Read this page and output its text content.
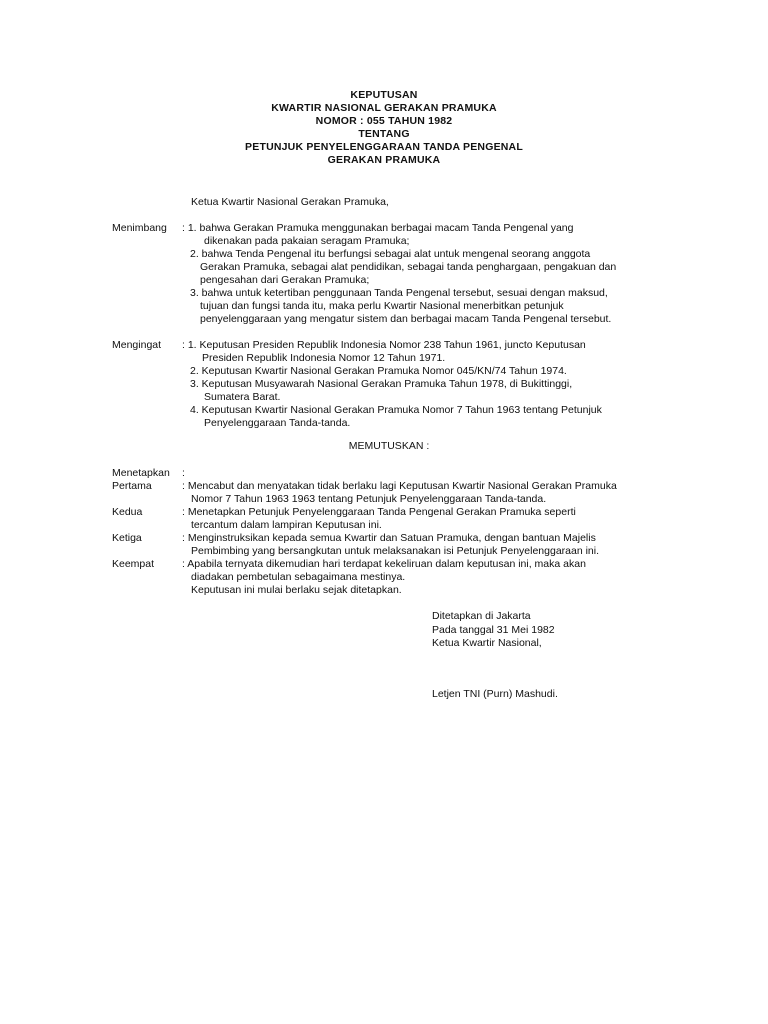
KEPUTUSAN
KWARTIR NASIONAL GERAKAN PRAMUKA
NOMOR : 055 TAHUN 1982
TENTANG
PETUNJUK PENYELENGGARAAN TANDA PENGENAL
GERAKAN PRAMUKA
Ketua Kwartir Nasional Gerakan Pramuka,
Menimbang : 1. bahwa Gerakan Pramuka menggunakan berbagai macam Tanda Pengenal yang
dikenakan pada pakaian seragam Pramuka;
2. bahwa Tenda Pengenal itu berfungsi sebagai alat untuk mengenal seorang anggota
Gerakan Pramuka, sebagai alat pendidikan, sebagai tanda penghargaan, pengakuan dan
pengesahan dari Gerakan Pramuka;
3. bahwa untuk ketertiban penggunaan Tanda Pengenal tersebut, sesuai dengan maksud,
tujuan dan fungsi tanda itu, maka perlu Kwartir Nasional menerbitkan petunjuk
penyelenggaraan yang mengatur sistem dan berbagai macam Tanda Pengenal tersebut.
Mengingat : 1. Keputusan Presiden Republik Indonesia Nomor 238 Tahun 1961, juncto Keputusan
Presiden Republik Indonesia Nomor 12 Tahun 1971.
2. Keputusan Kwartir Nasional Gerakan Pramuka Nomor 045/KN/74 Tahun 1974.
3. Keputusan Musyawarah Nasional Gerakan Pramuka Tahun 1978, di Bukittinggi,
Sumatera Barat.
4. Keputusan Kwartir Nasional Gerakan Pramuka Nomor 7 Tahun 1963 tentang Petunjuk
Penyelenggaraan Tanda-tanda.
MEMUTUSKAN :
Menetapkan :
Pertama	: Mencabut dan menyatakan tidak berlaku lagi Keputusan Kwartir Nasional Gerakan Pramuka
Nomor 7 Tahun 1963 1963 tentang Petunjuk Penyelenggaraan Tanda-tanda.
Kedua	: Menetapkan Petunjuk Penyelenggaraan Tanda Pengenal Gerakan Pramuka seperti
tercantum dalam lampiran Keputusan ini.
Ketiga	: Menginstruksikan kepada semua Kwartir dan Satuan Pramuka, dengan bantuan Majelis
Pembimbing yang bersangkutan untuk melaksanakan isi Petunjuk Penyelenggaraan ini.
Keempat	: Apabila ternyata dikemudian hari terdapat kekeliruan dalam keputusan ini, maka akan
diadakan pembetulan sebagaimana mestinya.
Keputusan ini mulai berlaku sejak ditetapkan.
Ditetapkan di Jakarta
Pada tanggal 31 Mei 1982
Ketua Kwartir Nasional,
Letjen TNI (Purn) Mashudi.
